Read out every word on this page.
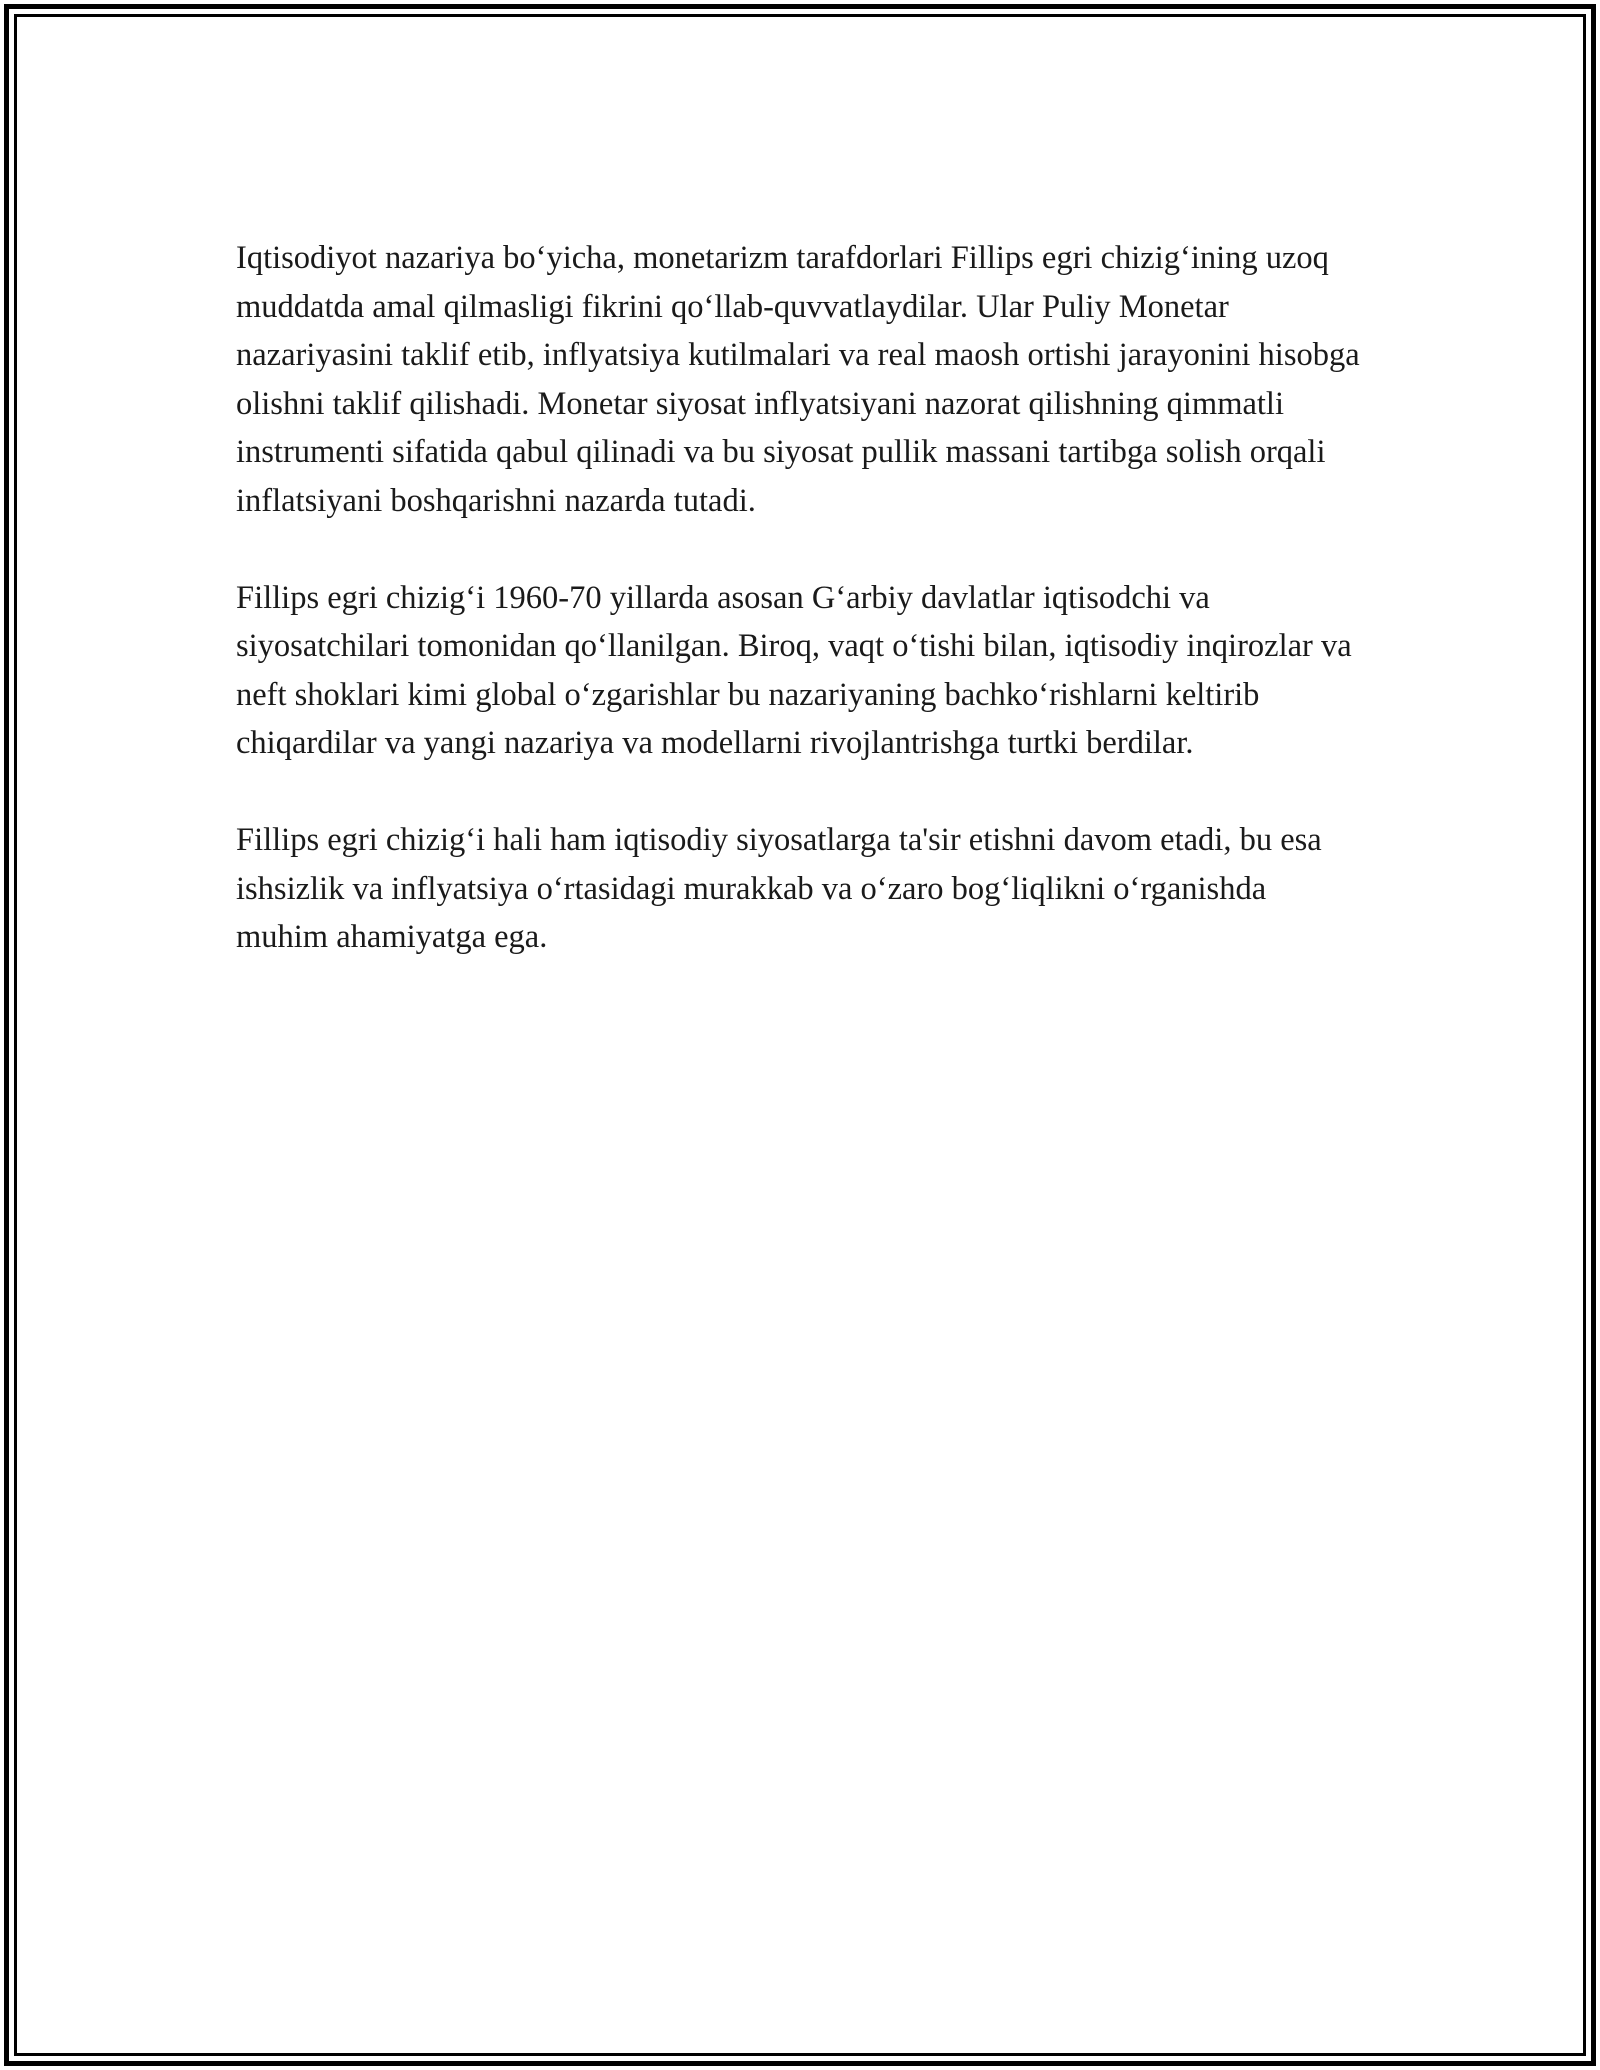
Iqtisodiyot nazariya bo‘yicha, monetarizm tarafdorlari Fillips egri chizig‘ining uzoq muddatda amal qilmasligi fikrini qo‘llab-quvvatlaydilar. Ular Puliy Monetar nazariyasini taklif etib, inflyatsiya kutilmalari va real maosh ortishi jarayonini hisobga olishni taklif qilishadi. Monetar siyosat inflyatsiyani nazorat qilishning qimmatli instrumenti sifatida qabul qilinadi va bu siyosat pullik massani tartibga solish orqali inflatsiyani boshqarishni nazarda tutadi.

Fillips egri chizig‘i 1960-70 yillarda asosan G‘arbiy davlatlar iqtisodchi va siyosatchilari tomonidan qo‘llanilgan. Biroq, vaqt o‘tishi bilan, iqtisodiy inqirozlar va neft shoklari kimi global o‘zgarishlar bu nazariyaning bachko‘rishlarni keltirib chiqardilar va yangi nazariya va modellarni rivojlantrishga turtki berdilar.

Fillips egri chizig‘i hali ham iqtisodiy siyosatlarga ta'sir etishni davom etadi, bu esa ishsizlik va inflyatsiya o‘rtasidagi murakkab va o‘zaro bog‘liqlikni o‘rganishda muhim ahamiyatga ega.
